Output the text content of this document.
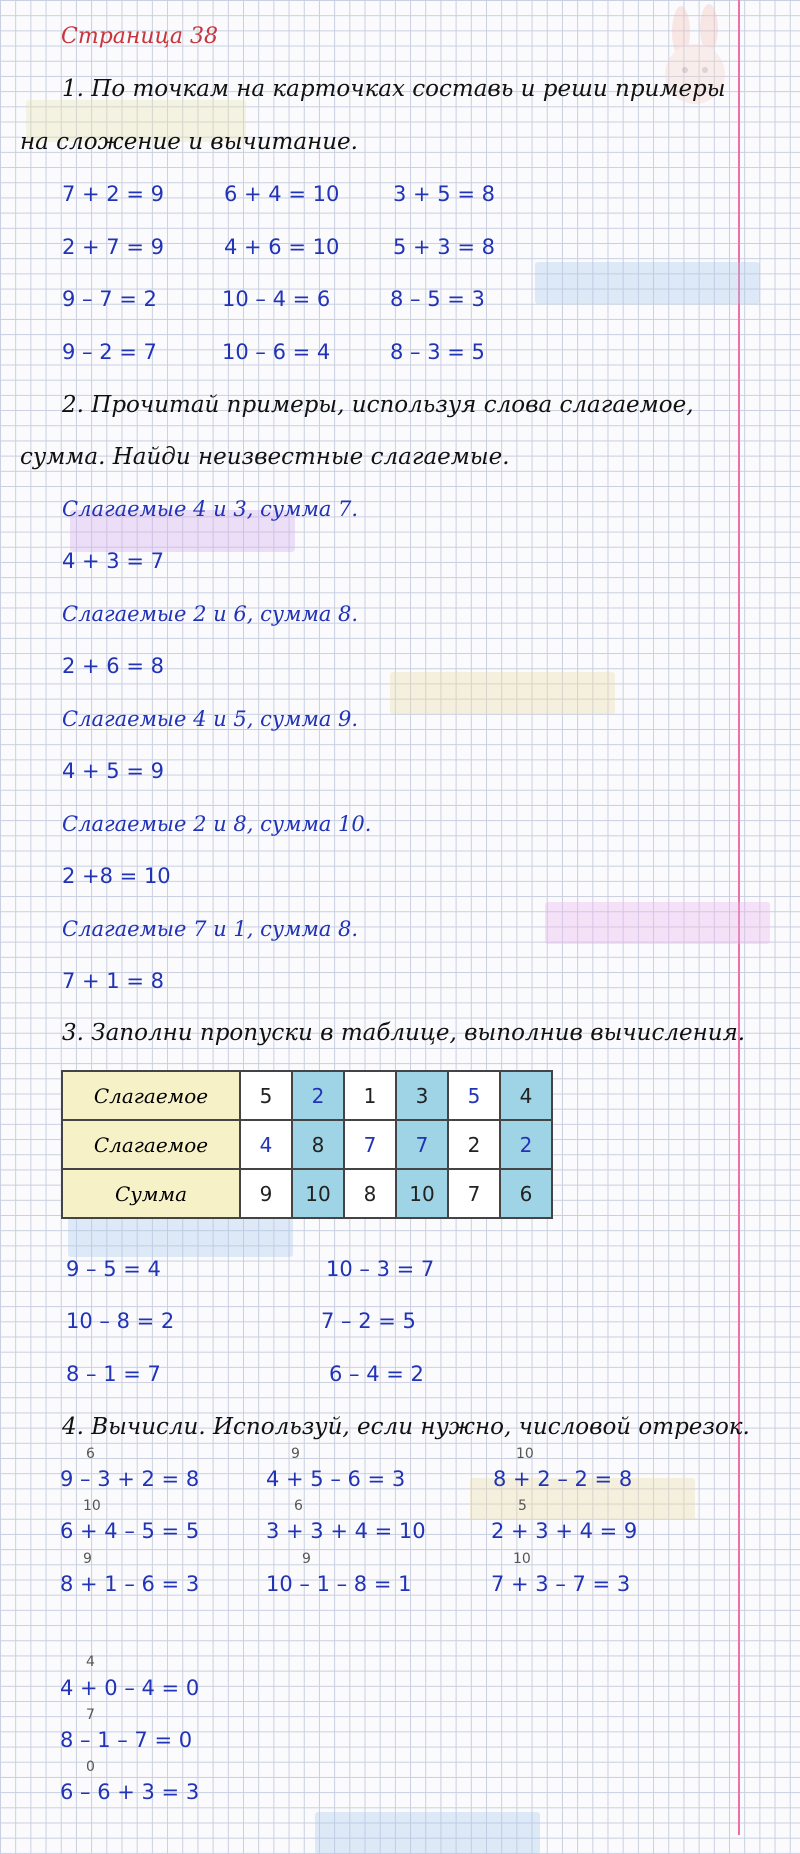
Страница 38
1. По точкам на карточках составь и реши примеры
на сложение и вычитание.
7 + 2 = 9
2 + 7 = 9
9 – 7 = 2
9 – 2 = 7
6 + 4 = 10
4 + 6 = 10
10 – 4 = 6
10 – 6 = 4
3 + 5 = 8
5 + 3 = 8
8 – 5 = 3
8 – 3 = 5
2. Прочитай примеры, используя слова слагаемое,
сумма. Найди неизвестные слагаемые.
Слагаемые 4 и 3, сумма 7.
4 + 3 = 7
Слагаемые 2 и 6, сумма 8.
2 + 6 = 8
Слагаемые 4 и 5, сумма 9.
4 + 5 = 9
Слагаемые 2 и 8, сумма 10.
2 +8 = 10
Слагаемые 7 и 1, сумма 8.
7 + 1 = 8
3. Заполни пропуски в таблице, выполнив вычисления.
Слагаемое	5	2	1	3	5	4
Слагаемое	4	8	7	7	2	2
Сумма	9	10	8	10	7	6
9 – 5 = 4
10 – 8 = 2
8 – 1 = 7
10 – 3 = 7
7 – 2 = 5
6 – 4 = 2
4. Вычисли. Используй, если нужно, числовой отрезок.
6
9 – 3 + 2 = 8
9
4 + 5 – 6 = 3
10
8 + 2 – 2 = 8
10
6 + 4 – 5 = 5
6
3 + 3 + 4 = 10
5
2 + 3 + 4 = 9
9
8 + 1 – 6 = 3
9
10 – 1 – 8 = 1
10
7 + 3 – 7 = 3
4
4 + 0 – 4 = 0
7
8 – 1 – 7 = 0
0
6 – 6 + 3 = 3
